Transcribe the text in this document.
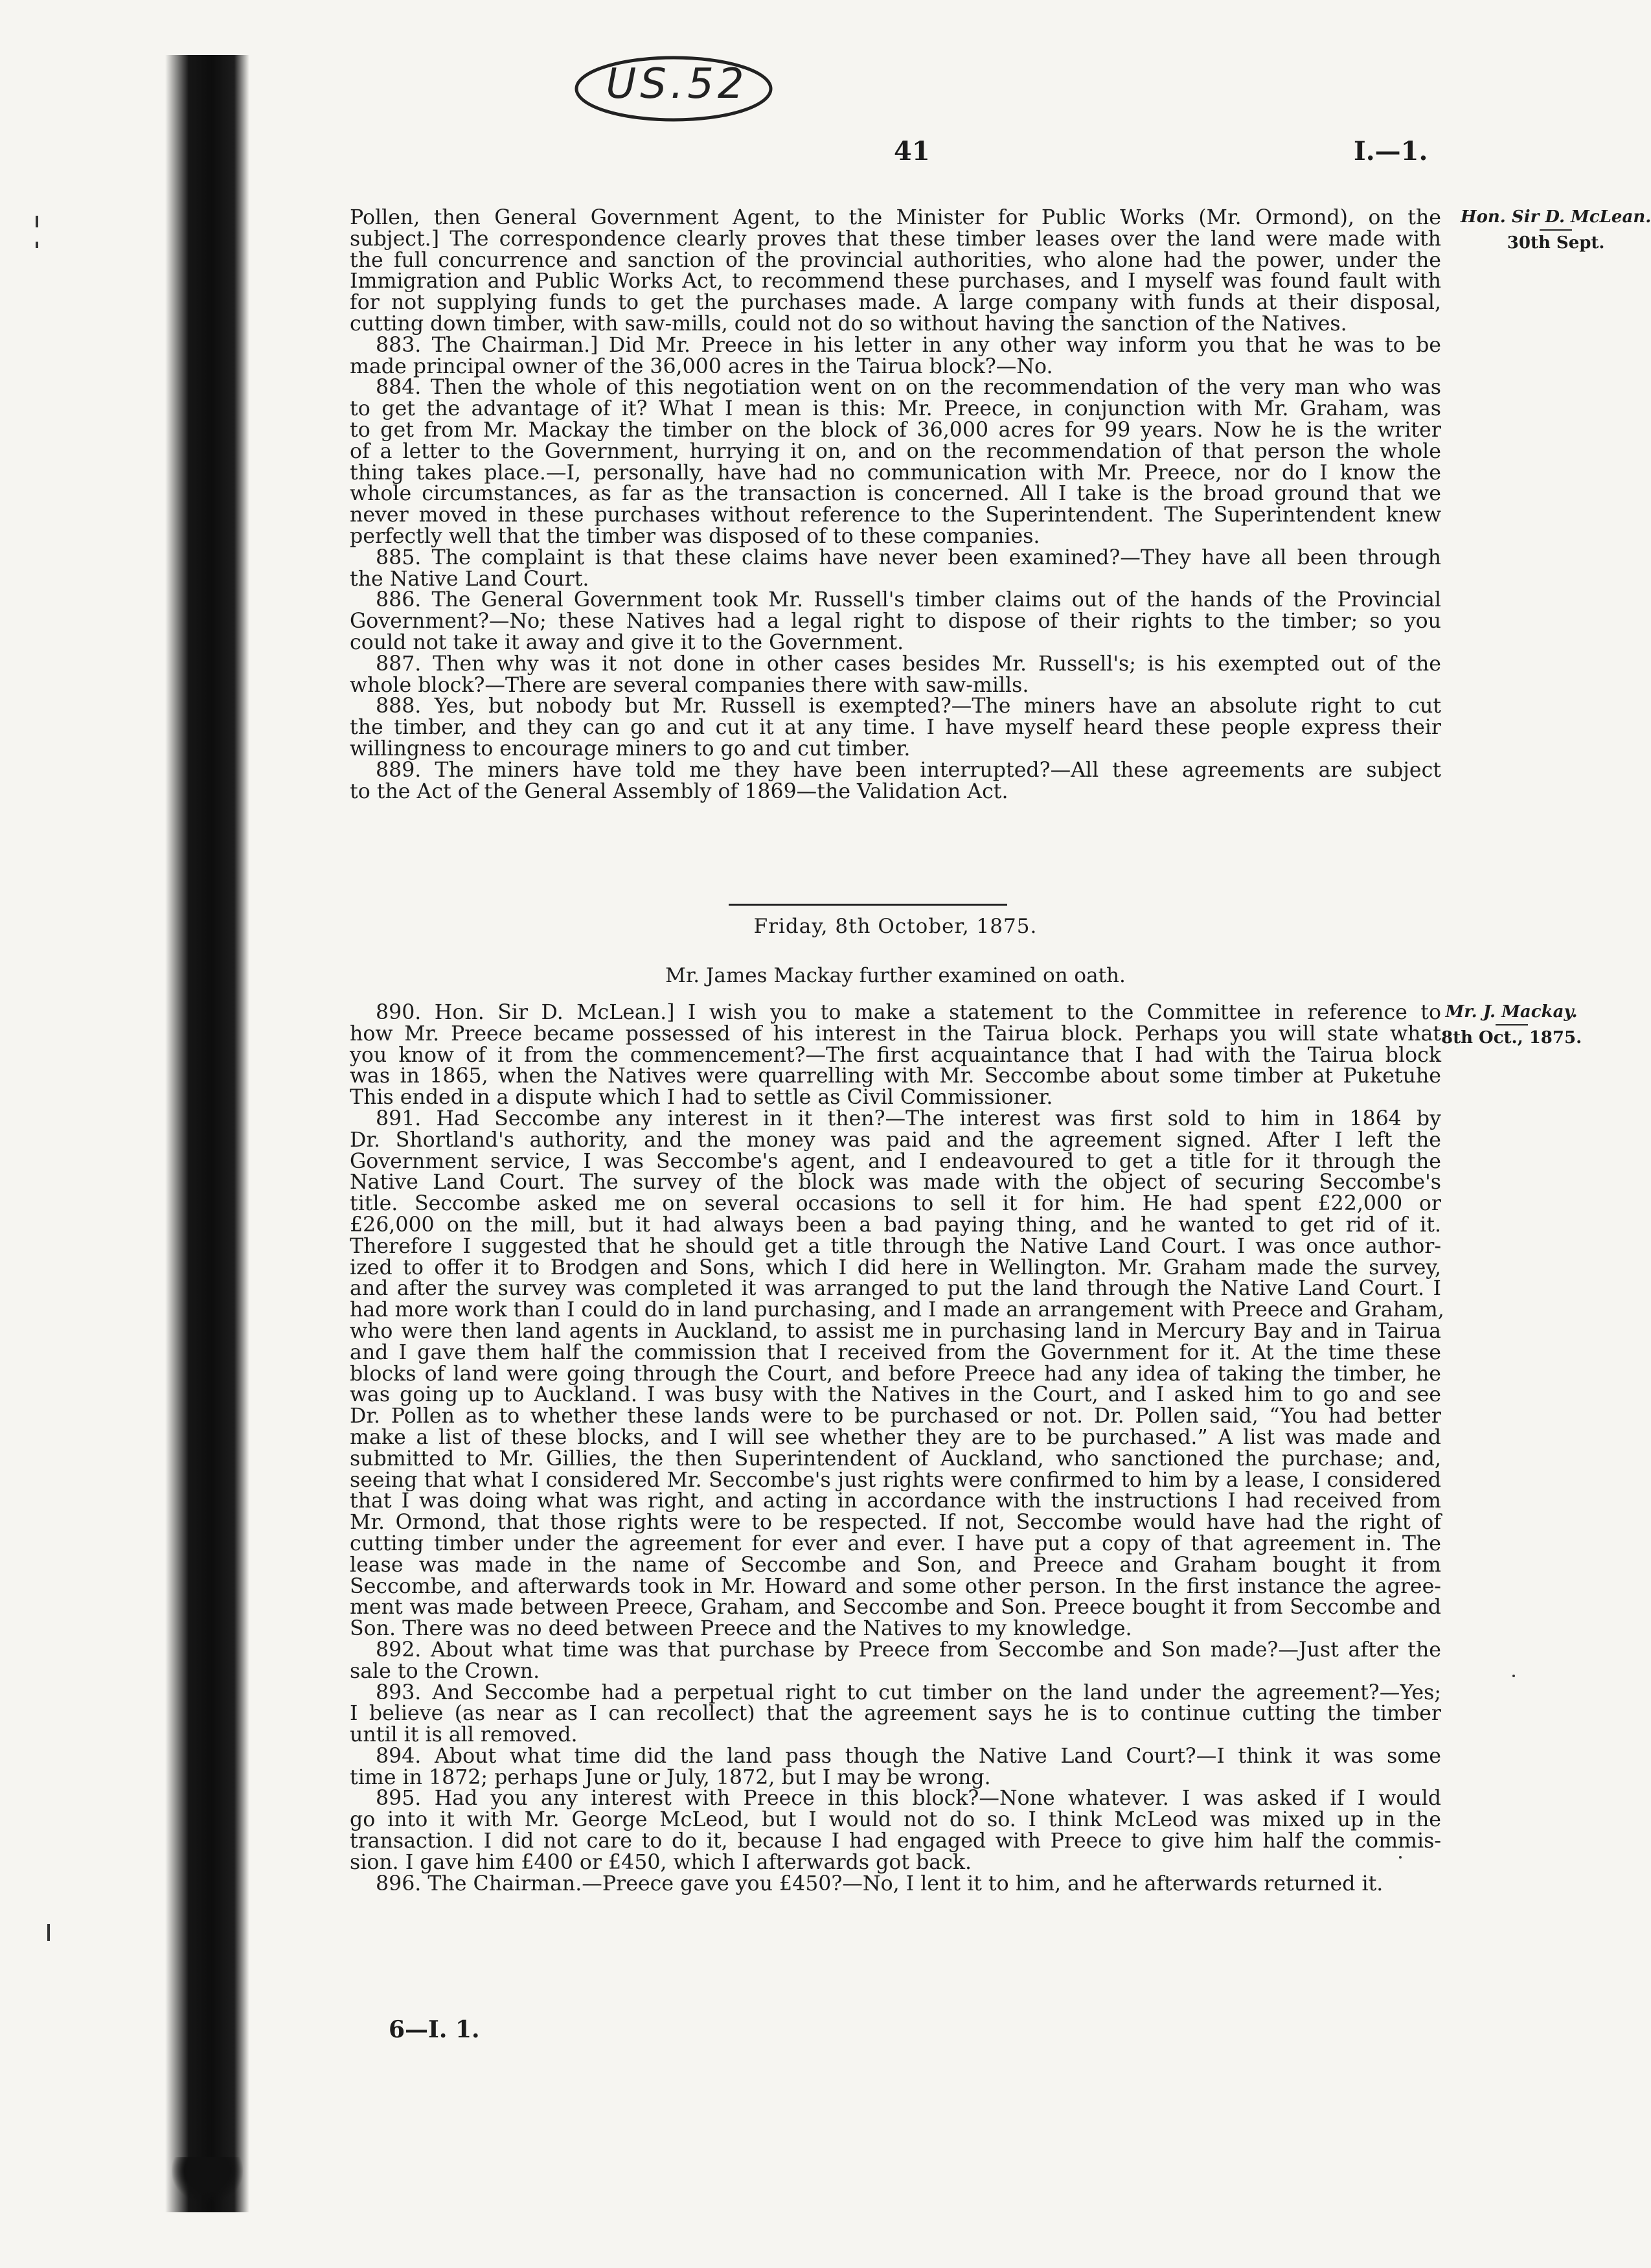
US.52
41	I.—1.
Hon. Sir D. McLean.
30th Sept.
Mr. J. Mackay.
8th Oct., 1875.
Pollen, then General Government Agent, to the Minister for Public Works (Mr. Ormond), on the
subject.] The correspondence clearly proves that these timber leases over the land were made with
the full concurrence and sanction of the provincial authorities, who alone had the power, under the
Immigration and Public Works Act, to recommend these purchases, and I myself was found fault with
for not supplying funds to get the purchases made. A large company with funds at their disposal,
cutting down timber, with saw-mills, could not do so without having the sanction of the Natives.
883. The Chairman.] Did Mr. Preece in his letter in any other way inform you that he was to be
made principal owner of the 36,000 acres in the Tairua block?—No.
884. Then the whole of this negotiation went on on the recommendation of the very man who was
to get the advantage of it? What I mean is this: Mr. Preece, in conjunction with Mr. Graham, was
to get from Mr. Mackay the timber on the block of 36,000 acres for 99 years. Now he is the writer
of a letter to the Government, hurrying it on, and on the recommendation of that person the whole
thing takes place.—I, personally, have had no communication with Mr. Preece, nor do I know the
whole circumstances, as far as the transaction is concerned. All I take is the broad ground that we
never moved in these purchases without reference to the Superintendent. The Superintendent knew
perfectly well that the timber was disposed of to these companies.
885. The complaint is that these claims have never been examined?—They have all been through
the Native Land Court.
886. The General Government took Mr. Russell's timber claims out of the hands of the Provincial
Government?—No; these Natives had a legal right to dispose of their rights to the timber; so you
could not take it away and give it to the Government.
887. Then why was it not done in other cases besides Mr. Russell's; is his exempted out of the
whole block?—There are several companies there with saw-mills.
888. Yes, but nobody but Mr. Russell is exempted?—The miners have an absolute right to cut
the timber, and they can go and cut it at any time. I have myself heard these people express their
willingness to encourage miners to go and cut timber.
889. The miners have told me they have been interrupted?—All these agreements are subject
to the Act of the General Assembly of 1869—the Validation Act.
Friday, 8th October, 1875.
Mr. James Mackay further examined on oath.
890. Hon. Sir D. McLean.] I wish you to make a statement to the Committee in reference to
how Mr. Preece became possessed of his interest in the Tairua block. Perhaps you will state what
you know of it from the commencement?—The first acquaintance that I had with the Tairua block
was in 1865, when the Natives were quarrelling with Mr. Seccombe about some timber at Puketuhe
This ended in a dispute which I had to settle as Civil Commissioner.
891. Had Seccombe any interest in it then?—The interest was first sold to him in 1864 by
Dr. Shortland's authority, and the money was paid and the agreement signed. After I left the
Government service, I was Seccombe's agent, and I endeavoured to get a title for it through the
Native Land Court. The survey of the block was made with the object of securing Seccombe's
title. Seccombe asked me on several occasions to sell it for him. He had spent £22,000 or
£26,000 on the mill, but it had always been a bad paying thing, and he wanted to get rid of it.
Therefore I suggested that he should get a title through the Native Land Court. I was once author-
ized to offer it to Brodgen and Sons, which I did here in Wellington. Mr. Graham made the survey,
and after the survey was completed it was arranged to put the land through the Native Land Court. I
had more work than I could do in land purchasing, and I made an arrangement with Preece and Graham,
who were then land agents in Auckland, to assist me in purchasing land in Mercury Bay and in Tairua
and I gave them half the commission that I received from the Government for it. At the time these
blocks of land were going through the Court, and before Preece had any idea of taking the timber, he
was going up to Auckland. I was busy with the Natives in the Court, and I asked him to go and see
Dr. Pollen as to whether these lands were to be purchased or not. Dr. Pollen said, “You had better
make a list of these blocks, and I will see whether they are to be purchased.” A list was made and
submitted to Mr. Gillies, the then Superintendent of Auckland, who sanctioned the purchase; and,
seeing that what I considered Mr. Seccombe's just rights were confirmed to him by a lease, I considered
that I was doing what was right, and acting in accordance with the instructions I had received from
Mr. Ormond, that those rights were to be respected. If not, Seccombe would have had the right of
cutting timber under the agreement for ever and ever. I have put a copy of that agreement in. The
lease was made in the name of Seccombe and Son, and Preece and Graham bought it from
Seccombe, and afterwards took in Mr. Howard and some other person. In the first instance the agree-
ment was made between Preece, Graham, and Seccombe and Son. Preece bought it from Seccombe and
Son. There was no deed between Preece and the Natives to my knowledge.
892. About what time was that purchase by Preece from Seccombe and Son made?—Just after the
sale to the Crown.
893. And Seccombe had a perpetual right to cut timber on the land under the agreement?—Yes;
I believe (as near as I can recollect) that the agreement says he is to continue cutting the timber
until it is all removed.
894. About what time did the land pass though the Native Land Court?—I think it was some
time in 1872; perhaps June or July, 1872, but I may be wrong.
895. Had you any interest with Preece in this block?—None whatever. I was asked if I would
go into it with Mr. George McLeod, but I would not do so. I think McLeod was mixed up in the
transaction. I did not care to do it, because I had engaged with Preece to give him half the commis-
sion. I gave him £400 or £450, which I afterwards got back.
896. The Chairman.—Preece gave you £450?—No, I lent it to him, and he afterwards returned it.
6—I. 1.
